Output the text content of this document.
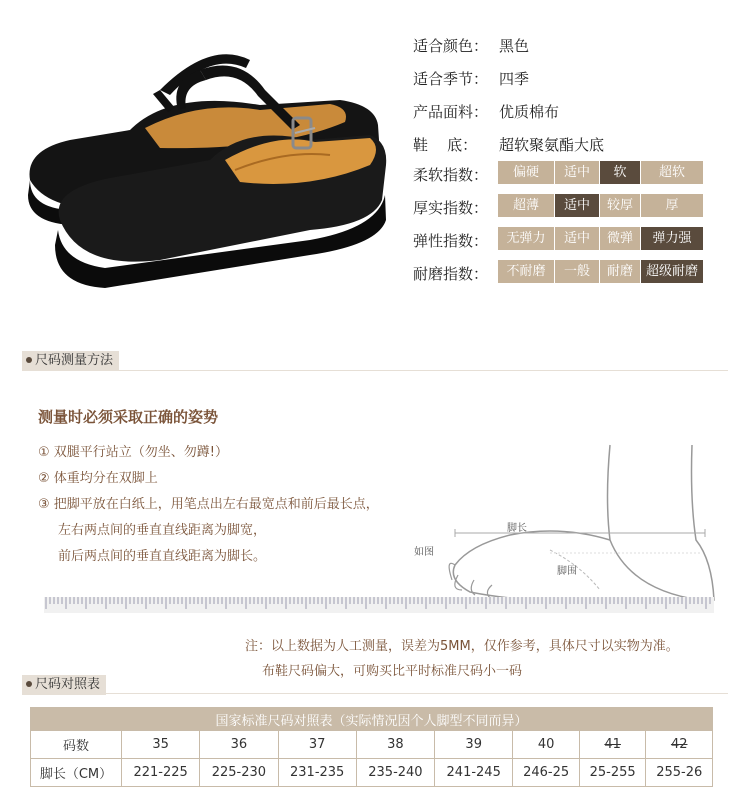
适合颜色： 黑色
适合季节： 四季
产品面料： 优质棉布
鞋    底： 超软聚氨酯大底
柔软指数：	偏硬	适中	软	超软
厚实指数：	超薄	适中	较厚	厚
弹性指数：	无弹力	适中	微弹	弹力强
耐磨指数：	不耐磨	一般	耐磨 超级耐磨
尺码测量方法
测量时必须采取正确的姿势
① 双腿平行站立（勿坐、勿蹲!）
② 体重均分在双脚上
③ 把脚平放在白纸上，用笔点出左右最宽点和前后最长点，
左右两点间的垂直直线距离为脚宽，
前后两点间的垂直直线距离为脚长。
脚长
脚围
如图
注：以上数据为人工测量，误差为5MM，仅作参考，具体尺寸以实物为准。
布鞋尺码偏大，可购买比平时标准尺码小一码
尺码对照表
国家标准尺码对照表（实际情况因个人脚型不同而异）								
码数	35	36	37	38	39	40	41	42
脚长（CM）	221-225	225-230	231-235	235-240	241-245	246-25	25-255	255-26
